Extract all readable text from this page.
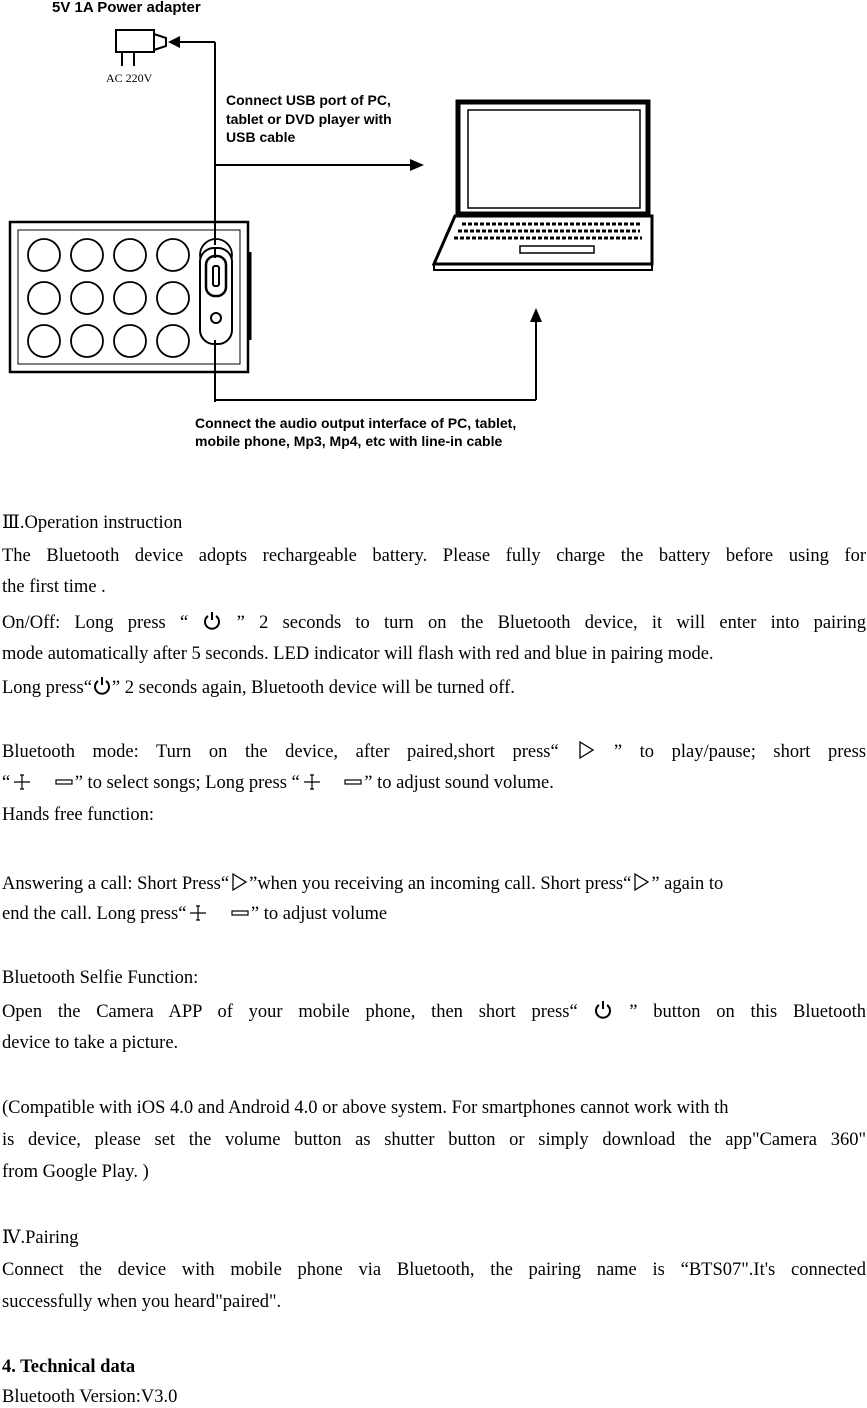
5V 1A Power adapter
AC 220V
Connect USB port of PC, tablet or DVD player with USB cable
Connect the audio output interface of PC, tablet, mobile phone, Mp3, Mp4, etc with line-in cable
Ⅲ.Operation instruction
The Bluetooth device adopts rechargeable battery. Please fully charge the battery before using for
the first time .
On/Off: Long press “	” 2 seconds to turn on the Bluetooth device, it will enter into pairing
mode automatically after 5 seconds. LED indicator will flash with red and blue in pairing mode.
Long press“ ” 2 seconds again, Bluetooth device will be turned off.
Bluetooth mode: Turn on the device, after paired,short press“	” to play/pause; short press
“	” to select songs; Long press “	” to adjust sound volume.
Hands free function:
Answering a call: Short Press“ ”when you receiving an incoming call. Short press“ ” again to
end the call. Long press“	” to adjust volume
Bluetooth Selfie Function:
Open the Camera APP of your mobile phone, then short press“	” button on this Bluetooth
device to take a picture.
(Compatible with iOS 4.0 and Android 4.0 or above system. For smartphones cannot work with th
is device, please set the volume button as shutter button or simply download the app"Camera 360"
from Google Play. )
Ⅳ.Pairing
Connect the device with mobile phone via Bluetooth, the pairing name is “BTS07".It's connected
successfully when you heard"paired".
4. Technical data
Bluetooth Version:V3.0
